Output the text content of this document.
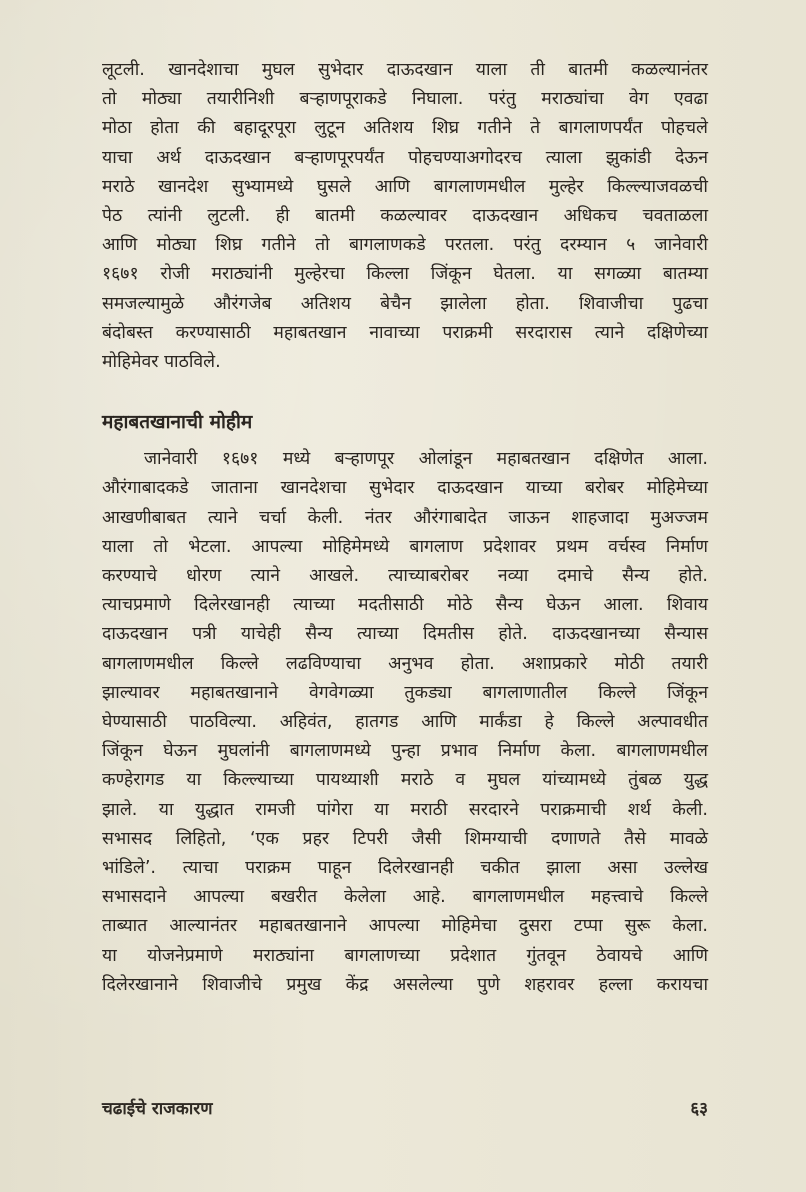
लूटली. खानदेशाचा मुघल सुभेदार दाऊदखान याला ती बातमी कळल्यानंतर
तो मोठ्या तयारीनिशी बऱ्हाणपूराकडे निघाला. परंतु मराठ्यांचा वेग एवढा
मोठा होता की बहादूरपूरा लुटून अतिशय शिघ्र गतीने ते बागलाणपर्यंत पोहचले
याचा अर्थ दाऊदखान बऱ्हाणपूरपर्यंत पोहचण्याअगोदरच त्याला झुकांडी देऊन
मराठे खानदेश सुभ्यामध्ये घुसले आणि बागलाणमधील मुल्हेर किल्ल्याजवळची
पेठ त्यांनी लुटली. ही बातमी कळल्यावर दाऊदखान अधिकच चवताळला
आणि मोठ्या शिघ्र गतीने तो बागलाणकडे परतला. परंतु दरम्यान ५ जानेवारी
१६७१ रोजी मराठ्यांनी मुल्हेरचा किल्ला जिंकून घेतला. या सगळ्या बातम्या
समजल्यामुळे औरंगजेब अतिशय बेचैन झालेला होता. शिवाजीचा पुढचा
बंदोबस्त करण्यासाठी महाबतखान नावाच्या पराक्रमी सरदारास त्याने दक्षिणेच्या
मोहिमेवर पाठविले.
महाबतखानाची मोहीम
जानेवारी १६७१ मध्ये बऱ्हाणपूर ओलांडून महाबतखान दक्षिणेत आला.
औरंगाबादकडे जाताना खानदेशचा सुभेदार दाऊदखान याच्या बरोबर मोहिमेच्या
आखणीबाबत त्याने चर्चा केली. नंतर औरंगाबादेत जाऊन शाहजादा मुअज्जम
याला तो भेटला. आपल्या मोहिमेमध्ये बागलाण प्रदेशावर प्रथम वर्चस्व निर्माण
करण्याचे धोरण त्याने आखले. त्याच्याबरोबर नव्या दमाचे सैन्य होते.
त्याचप्रमाणे दिलेरखानही त्याच्या मदतीसाठी मोठे सैन्य घेऊन आला. शिवाय
दाऊदखान पत्री याचेही सैन्य त्याच्या दिमतीस होते. दाऊदखानच्या सैन्यास
बागलाणमधील किल्ले लढविण्याचा अनुभव होता. अशाप्रकारे मोठी तयारी
झाल्यावर महाबतखानाने वेगवेगळ्या तुकड्या बागलाणातील किल्ले जिंकून
घेण्यासाठी पाठविल्या. अहिवंत, हातगड आणि मार्कंडा हे किल्ले अल्पावधीत
जिंकून घेऊन मुघलांनी बागलाणमध्ये पुन्हा प्रभाव निर्माण केला. बागलाणमधील
कण्हेरागड या किल्ल्याच्या पायथ्याशी मराठे व मुघल यांच्यामध्ये तुंबळ युद्ध
झाले. या युद्धात रामजी पांगेरा या मराठी सरदारने पराक्रमाची शर्थ केली.
सभासद लिहितो, ‘एक प्रहर टिपरी जैसी शिमग्याची दणाणते तैसे मावळे
भांडिले’. त्याचा पराक्रम पाहून दिलेरखानही चकीत झाला असा उल्लेख
सभासदाने आपल्या बखरीत केलेला आहे. बागलाणमधील महत्त्वाचे किल्ले
ताब्यात आल्यानंतर महाबतखानाने आपल्या मोहिमेचा दुसरा टप्पा सुरू केला.
या योजनेप्रमाणे मराठ्यांना बागलाणच्या प्रदेशात गुंतवून ठेवायचे आणि
दिलेरखानाने शिवाजीचे प्रमुख केंद्र असलेल्या पुणे शहरावर हल्ला करायचा
चढाईचे राजकारण	६३
